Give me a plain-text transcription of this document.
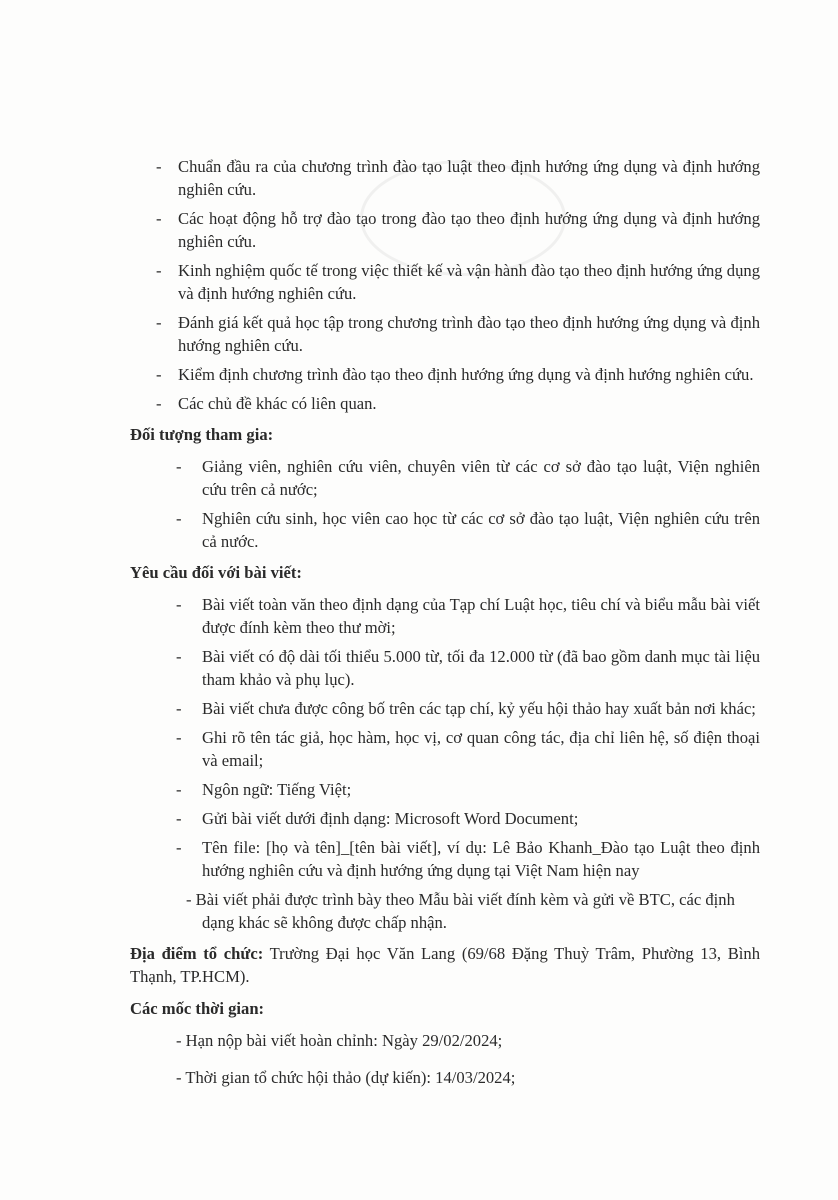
- Chuẩn đầu ra của chương trình đào tạo luật theo định hướng ứng dụng và định hướng nghiên cứu.
- Các hoạt động hỗ trợ đào tạo trong đào tạo theo định hướng ứng dụng và định hướng nghiên cứu.
- Kinh nghiệm quốc tế trong việc thiết kế và vận hành đào tạo theo định hướng ứng dụng và định hướng nghiên cứu.
- Đánh giá kết quả học tập trong chương trình đào tạo theo định hướng ứng dụng và định hướng nghiên cứu.
- Kiểm định chương trình đào tạo theo định hướng ứng dụng và định hướng nghiên cứu.
- Các chủ đề khác có liên quan.
Đối tượng tham gia:
- Giảng viên, nghiên cứu viên, chuyên viên từ các cơ sở đào tạo luật, Viện nghiên cứu trên cả nước;
- Nghiên cứu sinh, học viên cao học từ các cơ sở đào tạo luật, Viện nghiên cứu trên cả nước.
Yêu cầu đối với bài viết:
- Bài viết toàn văn theo định dạng của Tạp chí Luật học, tiêu chí và biểu mẫu bài viết được đính kèm theo thư mời;
- Bài viết có độ dài tối thiểu 5.000 từ, tối đa 12.000 từ (đã bao gồm danh mục tài liệu tham khảo và phụ lục).
- Bài viết chưa được công bố trên các tạp chí, kỷ yếu hội thảo hay xuất bản nơi khác;
- Ghi rõ tên tác giả, học hàm, học vị, cơ quan công tác, địa chỉ liên hệ, số điện thoại và email;
- Ngôn ngữ: Tiếng Việt;
- Gửi bài viết dưới định dạng: Microsoft Word Document;
- Tên file: [họ và tên]_[tên bài viết], ví dụ: Lê Bảo Khanh_Đào tạo Luật theo định hướng nghiên cứu và định hướng ứng dụng tại Việt Nam hiện nay
- Bài viết phải được trình bày theo Mẫu bài viết đính kèm và gửi về BTC, các định
dạng khác sẽ không được chấp nhận.
Địa điểm tổ chức: Trường Đại học Văn Lang (69/68 Đặng Thuỳ Trâm, Phường 13, Bình Thạnh, TP.HCM).
Các mốc thời gian:
- Hạn nộp bài viết hoàn chỉnh: Ngày 29/02/2024;
- Thời gian tổ chức hội thảo (dự kiến): 14/03/2024;
